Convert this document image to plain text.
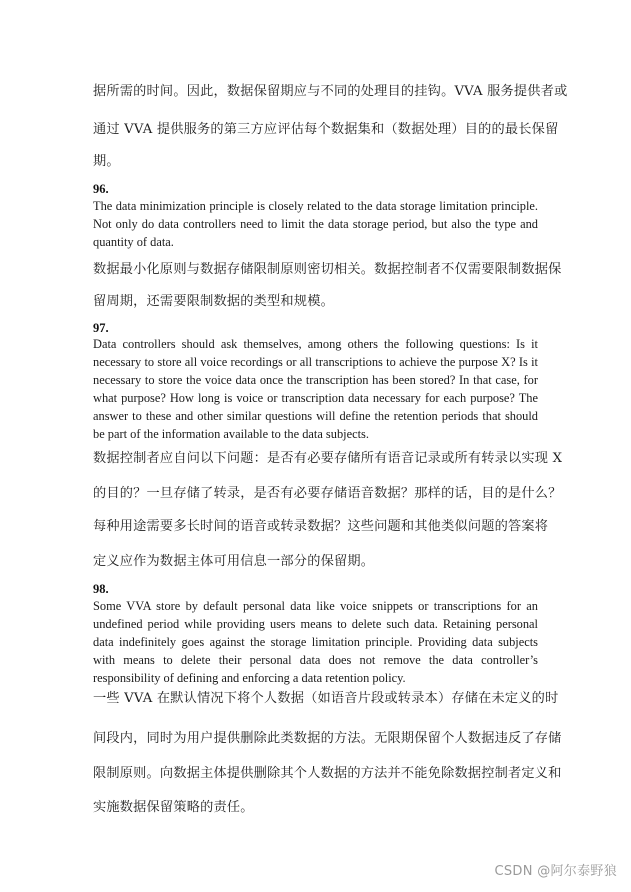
据所需的时间。因此，数据保留期应与不同的处理目的挂钩。VVA 服务提供者或
通过 VVA 提供服务的第三方应评估每个数据集和（数据处理）目的的最长保留
期。
96.
The data minimization principle is closely related to the data storage limitation principle. Not only do data controllers need to limit the data storage period, but also the type and quantity of data.
数据最小化原则与数据存储限制原则密切相关。数据控制者不仅需要限制数据保
留周期，还需要限制数据的类型和规模。
97.
Data controllers should ask themselves, among others the following questions: Is it necessary to store all voice recordings or all transcriptions to achieve the purpose X? Is it necessary to store the voice data once the transcription has been stored? In that case, for what purpose? How long is voice or transcription data necessary for each purpose? The answer to these and other similar questions will define the retention periods that should be part of the information available to the data subjects.
数据控制者应自问以下问题：是否有必要存储所有语音记录或所有转录以实现 X
的目的？一旦存储了转录，是否有必要存储语音数据？那样的话，目的是什么？
每种用途需要多长时间的语音或转录数据？这些问题和其他类似问题的答案将
定义应作为数据主体可用信息一部分的保留期。
98.
Some VVA store by default personal data like voice snippets or transcriptions for an undefined period while providing users means to delete such data. Retaining personal data indefinitely goes against the storage limitation principle. Providing data subjects with means to delete their personal data does not remove the data controller’s responsibility of defining and enforcing a data retention policy.
一些 VVA 在默认情况下将个人数据（如语音片段或转录本）存储在未定义的时
间段内，同时为用户提供删除此类数据的方法。无限期保留个人数据违反了存储
限制原则。向数据主体提供删除其个人数据的方法并不能免除数据控制者定义和
实施数据保留策略的责任。
CSDN @阿尔泰野狼
